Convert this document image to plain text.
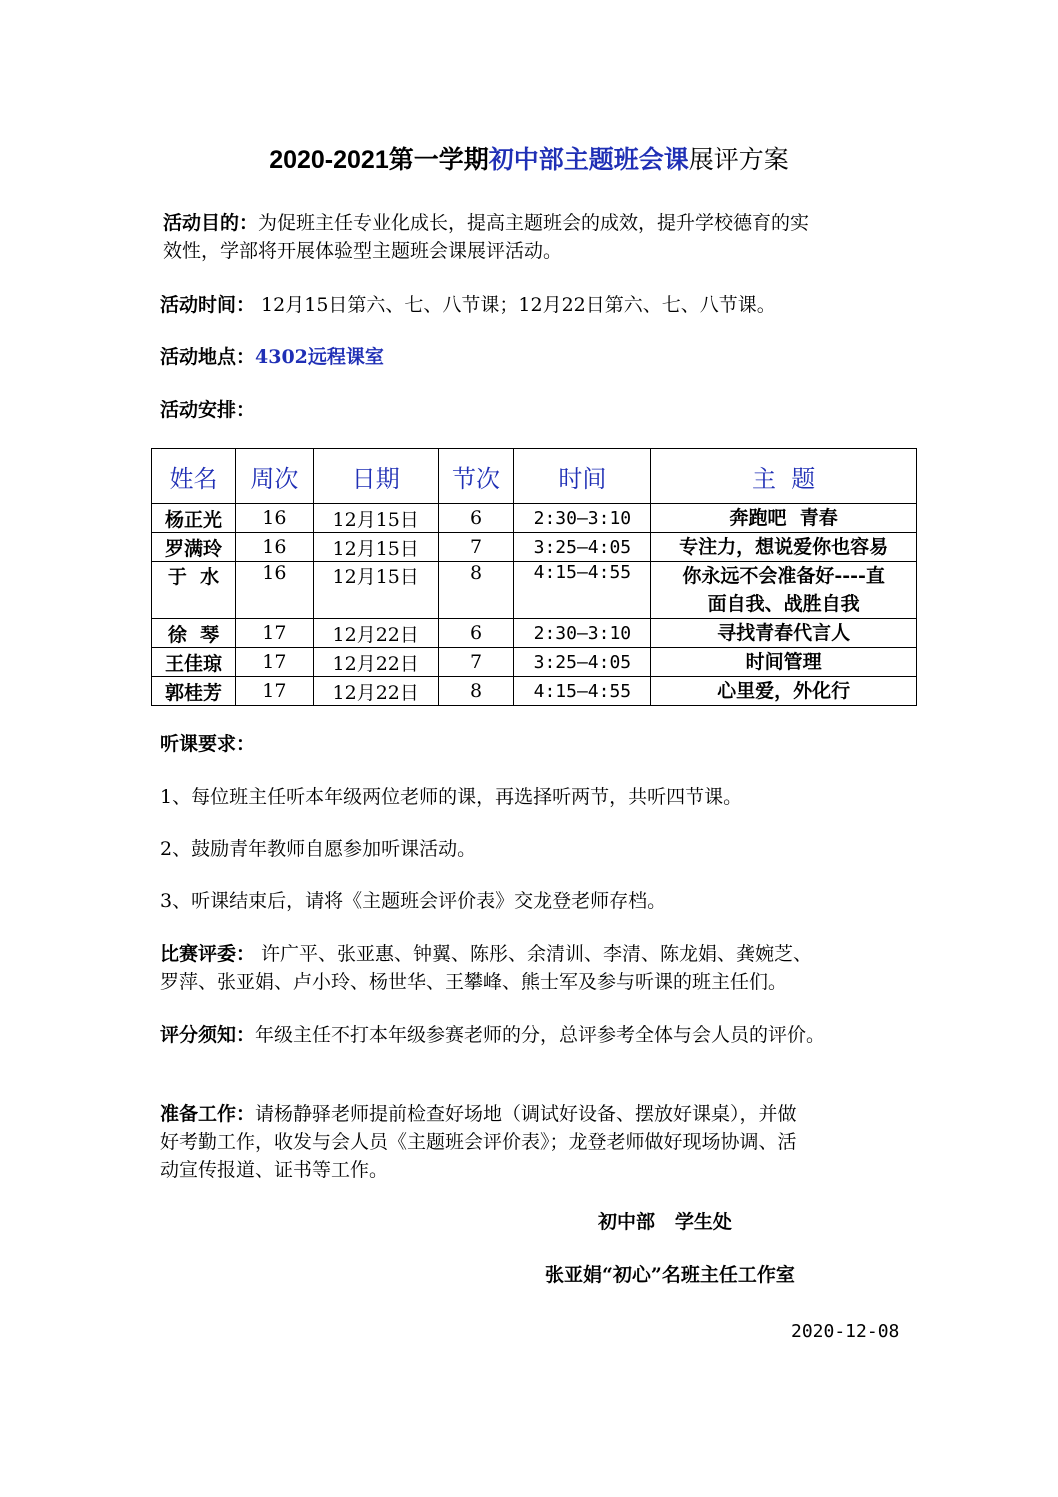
2020-2021第一学期初中部主题班会课展评方案
活动目的：为促班主任专业化成长，提高主题班会的成效，提升学校德育的实
效性，学部将开展体验型主题班会课展评活动。
活动时间： 12月15日第六、七、八节课；12月22日第六、七、八节课。
活动地点：4302远程课室
活动安排：
姓名	周次	日期	节次	时间	主  题
杨正光	16	12月15日	6	2:30—3:10	奔跑吧  青春
罗满玲	16	12月15日	7	3:25—4:05	专注力，想说爱你也容易
于  水	16	12月15日	8	4:15—4:55	你永远不会准备好----直
面自我、战胜自我

徐  琴	17	12月22日	6	2:30—3:10	寻找青春代言人
王佳琼	17	12月22日	7	3:25—4:05	时间管理
郭桂芳	17	12月22日	8	4:15—4:55	心里爱，外化行
听课要求：
1、每位班主任听本年级两位老师的课，再选择听两节，共听四节课。
2、鼓励青年教师自愿参加听课活动。
3、听课结束后，请将《主题班会评价表》交龙登老师存档。
比赛评委： 许广平、张亚惠、钟翼、陈彤、余清训、李清、陈龙娟、龚婉芝、
罗萍、张亚娟、卢小玲、杨世华、王攀峰、熊士军及参与听课的班主任们。
评分须知：年级主任不打本年级参赛老师的分，总评参考全体与会人员的评价。
准备工作：请杨静驿老师提前检查好场地（调试好设备、摆放好课桌），并做
好考勤工作，收发与会人员《主题班会评价表》；龙登老师做好现场协调、活
动宣传报道、证书等工作。
初中部   学生处
张亚娟“初心”名班主任工作室
2020-12-08
